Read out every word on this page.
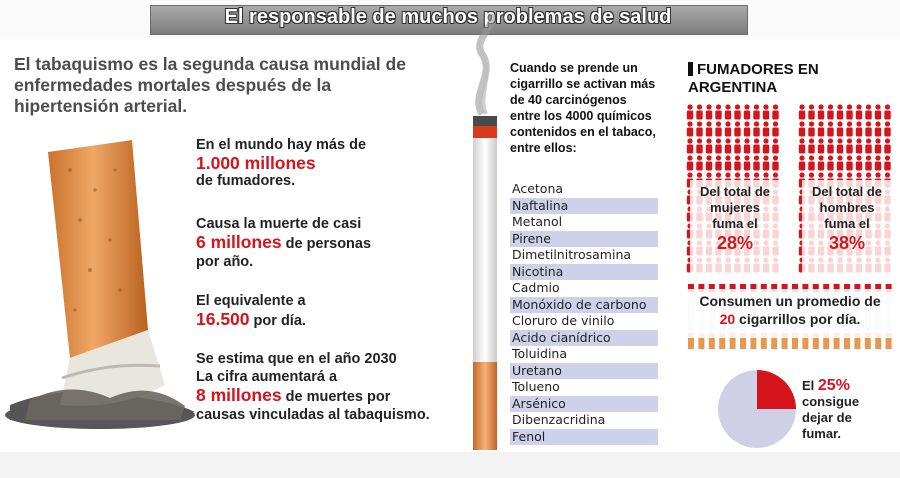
El responsable de muchos problemas de salud
El tabaquismo es la segunda causa mundial de enfermedades mortales después de la hipertensión arterial.
En el mundo hay más de
1.000 millones
de fumadores.
Causa la muerte de casi
6 millones de personas
por año.
El equivalente a
16.500 por día.
Se estima que en el año 2030
La cifra aumentará a
8 millones de muertes por
causas vinculadas al tabaquismo.
Cuando se prende un cigarrillo se activan más de 40 carcinógenos entre los 4000 químicos contenidos en el tabaco, entre ellos:
Acetona
Naftalina
Metanol
Pirene
Dimetilnitrosamina
Nicotina
Cadmio
Monóxido de carbono
Cloruro de vinilo
Acido cianídrico
Toluidina
Uretano
Tolueno
Arsénico
Dibenzacridina
Fenol
FUMADORES EN
ARGENTINA
Del total de
mujeres
fuma el
28%
Del total de
hombres
fuma el
38%
Consumen un promedio de
20 cigarrillos por día.
El 25%
consigue
dejar de
fumar.
